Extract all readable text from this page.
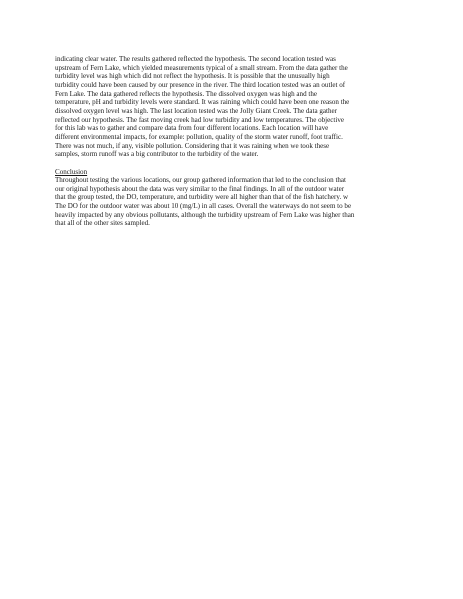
indicating clear water. The results gathered reflected the hypothesis. The second location tested was
upstream of Fern Lake, which yielded measurements typical of a small stream. From the data gather the
turbidity level was high which did not reflect the hypothesis. It is possible that the unusually high
turbidity could have been caused by our presence in the river. The third location tested was an outlet of
Fern Lake. The data gathered reflects the hypothesis. The dissolved oxygen was high and the
temperature, pH and turbidity levels were standard. It was raining which could have been one reason the
dissolved oxygen level was high. The last location tested was the Jolly Giant Creek. The data gather
reflected our hypothesis. The fast moving creek had low turbidity and low temperatures. The objective
for this lab was to gather and compare data from four different locations. Each location will have
different environmental impacts, for example: pollution, quality of the storm water runoff, foot traffic.
There was not much, if any, visible pollution. Considering that it was raining when we took these
samples, storm runoff was a big contributor to the turbidity of the water.
Conclusion
Throughout testing the various locations, our group gathered information that led to the conclusion that
our original hypothesis about the data was very similar to the final findings. In all of the outdoor water
that the group tested, the DO, temperature, and turbidity were all higher than that of the fish hatchery. w
The DO for the outdoor water was about 10 (mg/L) in all cases. Overall the waterways do not seem to be
heavily impacted by any obvious pollutants, although the turbidity upstream of Fern Lake was higher than
that all of the other sites sampled.
